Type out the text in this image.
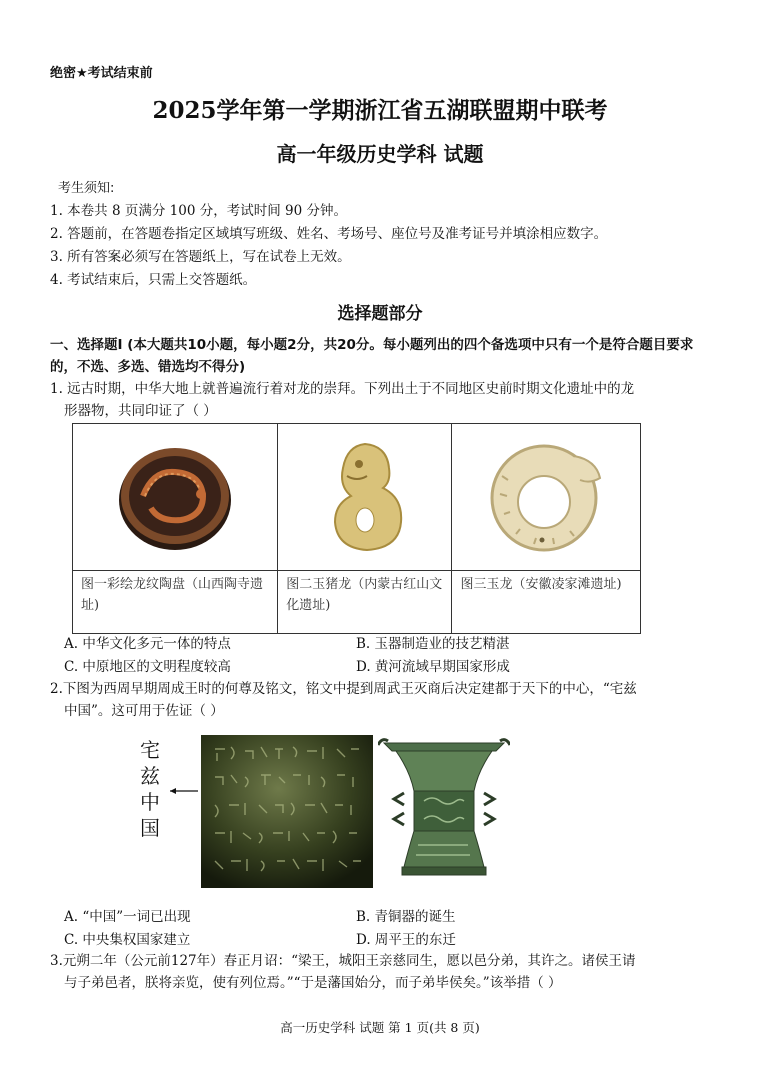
绝密★考试结束前
2025学年第一学期浙江省五湖联盟期中联考
高一年级历史学科 试题
考生须知:
1. 本卷共 8 页满分 100 分，考试时间 90 分钟。
2. 答题前，在答题卷指定区域填写班级、姓名、考场号、座位号及准考证号并填涂相应数字。
3. 所有答案必须写在答题纸上，写在试卷上无效。
4. 考试结束后，只需上交答题纸。
选择题部分
一、选择题Ⅰ (本大题共10小题，每小题2分，共20分。每小题列出的四个备选项中只有一个是符合题目要求的，不选、多选、错选均不得分)
1. 远古时期，中华大地上就普遍流行着对龙的崇拜。下列出土于不同地区史前时期文化遗址中的龙
形器物，共同印证了（ ）

图一彩绘龙纹陶盘（山西陶寺遗址)	图二玉猪龙（内蒙古红山文化遗址)	图三玉龙（安徽凌家滩遗址)
A. 中华文化多元一体的特点	B. 玉器制造业的技艺精湛
C. 中原地区的文明程度较高	D. 黄河流域早期国家形成
2.下图为西周早期周成王时的何尊及铭文，铭文中提到周武王灭商后决定建都于天下的中心，“宅兹
中国”。这可用于佐证（ ）
宅
兹
中
国
A. “中国”一词已出现	B. 青铜器的诞生
C. 中央集权国家建立	D. 周平王的东迁
3.元朔二年（公元前127年）春正月诏：“梁王，城阳王亲慈同生，愿以邑分弟，其许之。诸侯王请
与子弟邑者，朕将亲览，使有列位焉。”“于是藩国始分，而子弟毕侯矣。”该举措（ ）
高一历史学科 试题 第 1 页(共 8 页)
